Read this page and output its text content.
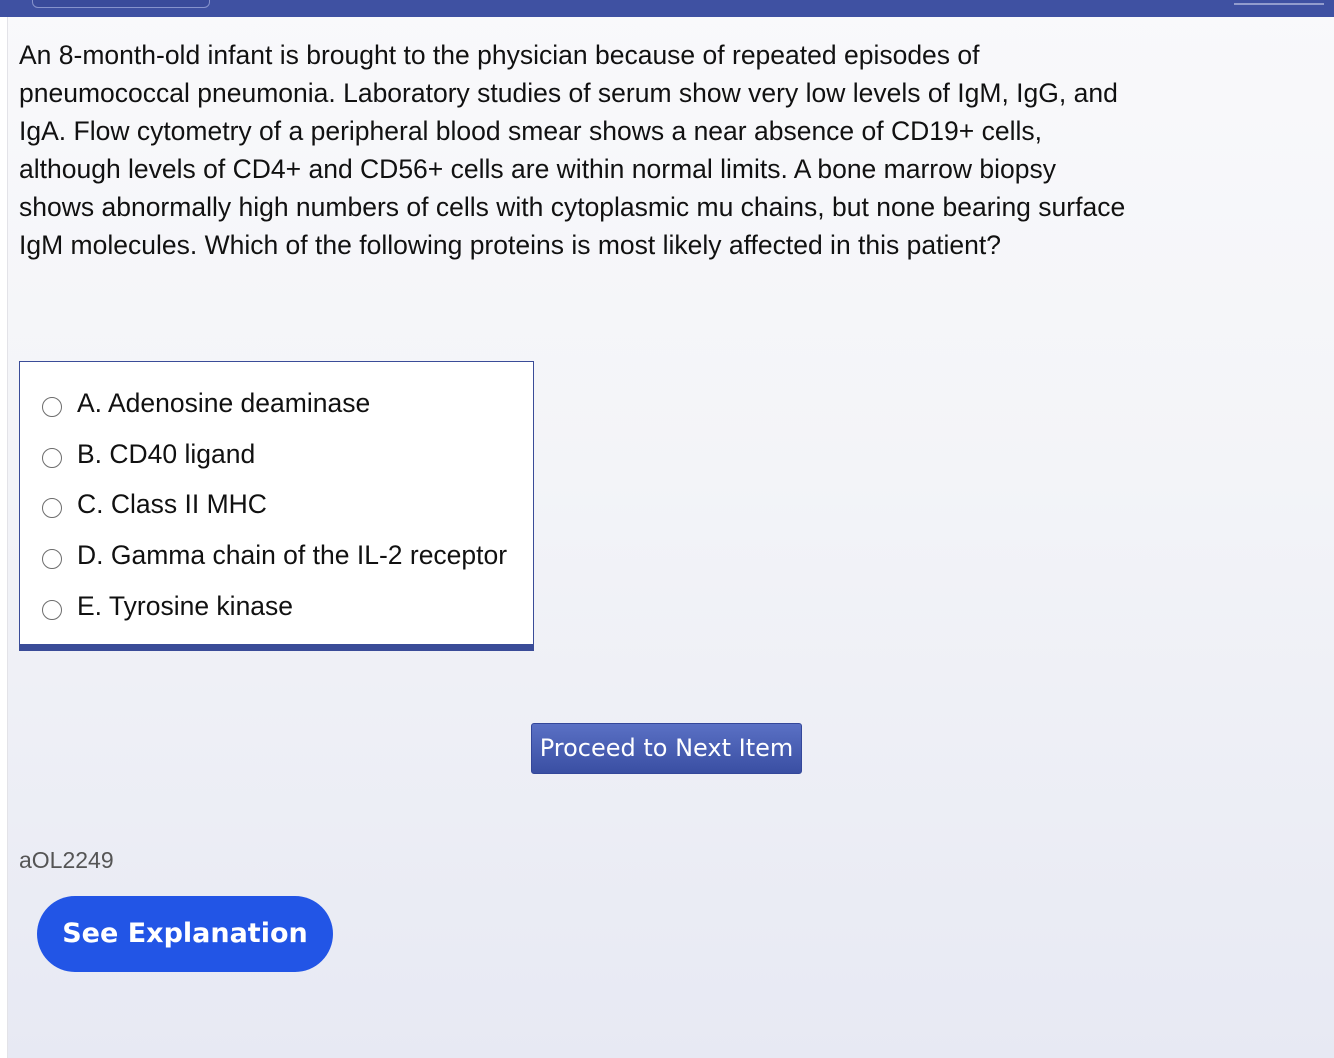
An 8-month-old infant is brought to the physician because of repeated episodes of pneumococcal pneumonia. Laboratory studies of serum show very low levels of IgM, IgG, and IgA. Flow cytometry of a peripheral blood smear shows a near absence of CD19+ cells, although levels of CD4+ and CD56+ cells are within normal limits. A bone marrow biopsy shows abnormally high numbers of cells with cytoplasmic mu chains, but none bearing surface IgM molecules. Which of the following proteins is most likely affected in this patient?

A. Adenosine deaminase
B. CD40 ligand
C. Class II MHC
D. Gamma chain of the IL-2 receptor
E. Tyrosine kinase
Proceed to Next Item
aOL2249
See Explanation
